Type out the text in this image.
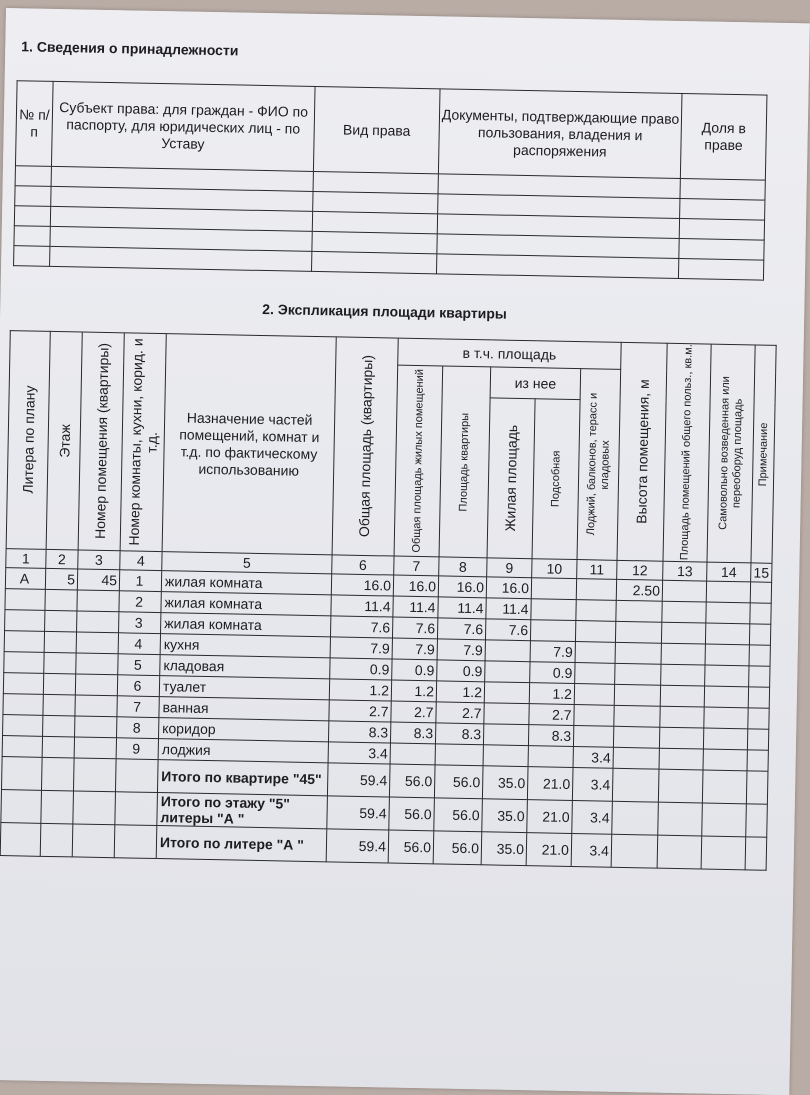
1. Сведения о принадлежности
№ п/п	Субъект права: для граждан - ФИО по паспорту, для юридических лиц - по Уставу	Вид права	Документы, подтверждающие право пользования, владения и распоряжения	Доля в праве

2. Экспликация площади квартиры
Литера по плану	Этаж	Номер помещения (квартиры)	Номер комнаты, кухни, корид. и т.д.	Назначение частей помещений, комнат и т.д. по фактическому использованию	Общая площадь (квартиры)	в т.ч. площадь					Высота помещения, м	Площадь помещений общего польз., кв.м.	Самовольно возведенная или переоборуд площадь	Примечание

						Общая площадь жилых помещений	Площадь квартиры	из нее		Лоджий, балконов, терасс и кладовых				

								Жилая площадь	Подсобная					

1	2	3	4	5	6	7	8	9	10	11	12	13	14	15
А	5	45	1	жилая комната	16.0	16.0	16.0	16.0			2.50			
			2	жилая комната	11.4	11.4	11.4	11.4						
			3	жилая комната	7.6	7.6	7.6	7.6						
			4	кухня	7.9	7.9	7.9		7.9					
			5	кладовая	0.9	0.9	0.9		0.9					
			6	туалет	1.2	1.2	1.2		1.2					
			7	ванная	2.7	2.7	2.7		2.7					
			8	коридор	8.3	8.3	8.3		8.3					
			9	лоджия	3.4					3.4				
				Итого по квартире "45"	59.4	56.0	56.0	35.0	21.0	3.4				
				Итого по этажу "5" литеры "А "	59.4	56.0	56.0	35.0	21.0	3.4				
				Итого по литере "А "	59.4	56.0	56.0	35.0	21.0	3.4				
